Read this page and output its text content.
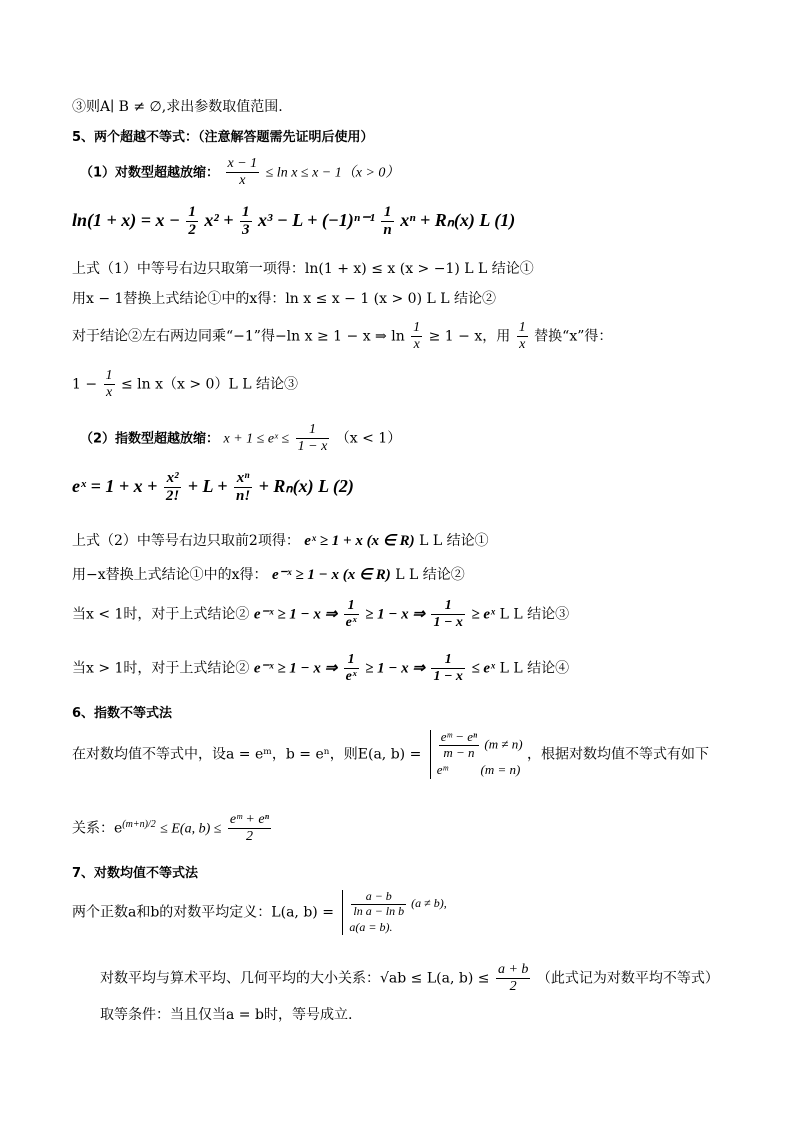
③则A∣ B ≠ ∅,求出参数取值范围.
5、两个超越不等式：（注意解答题需先证明后使用）
（1）对数型超越放缩： $\frac{x - 1}{x} \le \ln x \le x - 1(x > 0)$
$\ln(1 + x) = x - \frac{1}{2} x^2 + \frac{1}{3} x^3 - L + (-1)^{n-1} \frac{1}{n}$ xⁿ + Rₙ(x) L (1)
上式（1）中等号右边只取第一项得：ln(1 + x) ≤ x (x > −1) L L 结论①
用x − 1替换上式结论①中的x得：ln x ≤ x − 1 (x > 0) L L 结论②
对于结论②左右两边同乘“−1”得−ln x ≥ 1 − x ⇒ $\ln \frac{1}{x} \ge 1 - x$，用 $\frac{1}{x}$ 替换“x”得：
$1 - \frac{1}{x} \le \ln x(x > 0)L$ L 结论③
（2）指数型超越放缩： x + 1 ≤ eˣ ≤ $\frac{1}{1 - x} (x < 1)$
eˣ = $1 + x + \frac{\text{x²}}{2!} + L + \frac{\text{xⁿ}}{n!} + R_n(x)$ L (2)
上式（2）中等号右边只取前2项得： eˣ ≥ 1 + x (x ∈ R) L L 结论①
用−x替换上式结论①中的x得： e⁻ˣ ≥ 1 − x (x ∈ R) L L 结论②
当x < 1时，对于上式结论② e⁻ˣ ≥ 1 − x ⇒ $\frac{1}{\text{eˣ}} \ge 1 - x$ ⇒ $\frac{1}{1 - x}$ ≥ eˣ L L 结论③
当x > 1时，对于上式结论② e⁻ˣ ≥ 1 − x ⇒ $\frac{1}{\text{eˣ}} \ge 1 - x$ ⇒ $\frac{1}{1 - x}$ ≤ eˣ L L 结论④
6、指数不等式法
在对数均值不等式中，设a = eᵐ，b = eⁿ，则E(a, $b) = \frac{\text{eᵐ − eⁿ}}{m - n} (m \ne n)$
eᵐ	(m = n)
，根据对数均值不等式有如下
关系：$e^{(m+n)/2} \le E(a$, $b) \le \frac{\text{eᵐ + eⁿ}}{2}$
7、对数均值不等式法
两个正数a和b的对数平均定义：L(a, $b) = \frac{a - b}{\text{ln a − ln b}} (a \ne b)$,
a(a = b).
对数平均与算术平均、几何平均的大小关系：√ab ≤ L(a, $b) \le \frac{a + b}{2}$ （此式记为对数平均不等式）
取等条件：当且仅当a = b时，等号成立.
